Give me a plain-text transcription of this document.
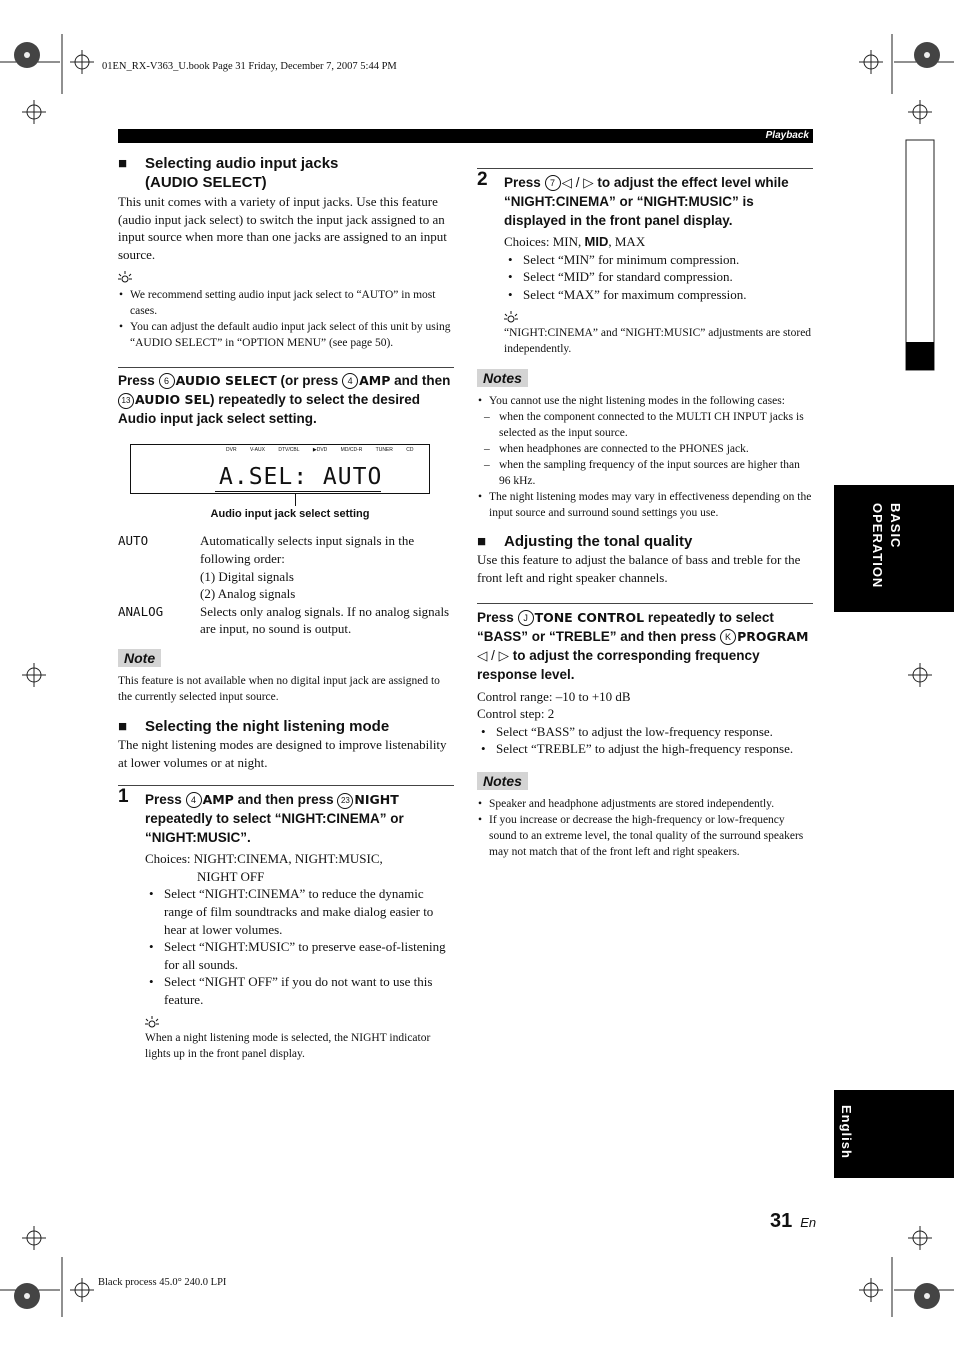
01EN_RX-V363_U.book Page 31 Friday, December 7, 2007 5:44 PM
Black process 45.0° 240.0 LPI
Playback
BASIC OPERATION
English
31 En
■ Selecting audio input jacks
(AUDIO SELECT)
This unit comes with a variety of input jacks. Use this feature (audio input jack select) to switch the input jack assigned to an input source when more than one jacks are assigned to an input source.
• We recommend setting audio input jack select to “AUTO” in most cases.
• You can adjust the default audio input jack select of this unit by using “AUDIO SELECT” in “OPTION MENU” (see page 50).
Press 6 AUDIO SELECT (or press 4 AMP and then 13 AUDIO SEL) repeatedly to select the desired Audio input jack select setting.
DVR	V-AUX	DTV/CBL	▶DVD	MD/CD-R	TUNER	CD
A.SEL: AUTO
Audio input jack select setting
AUTO	Automatically selects input signals in the following order:
(1) Digital signals
(2) Analog signals
ANALOG	Selects only analog signals. If no analog signals are input, no sound is output.
Note
This feature is not available when no digital input jack are assigned to the currently selected input source.
■ Selecting the night listening mode
The night listening modes are designed to improve listenability at lower volumes or at night.
1 Press 4 AMP and then press 23 NIGHT repeatedly to select “NIGHT:CINEMA” or “NIGHT:MUSIC”.
Choices: NIGHT:CINEMA, NIGHT:MUSIC,
NIGHT OFF
• Select “NIGHT:CINEMA” to reduce the dynamic range of film soundtracks and make dialog easier to hear at lower volumes.
• Select “NIGHT:MUSIC” to preserve ease-of-listening for all sounds.
• Select “NIGHT OFF” if you do not want to use this feature.
When a night listening mode is selected, the NIGHT indicator lights up in the front panel display.
2 Press 7 ◁ / ▷ to adjust the effect level while “NIGHT:CINEMA” or “NIGHT:MUSIC” is displayed in the front panel display.
Choices: MIN, MID, MAX
• Select “MIN” for minimum compression.
• Select “MID” for standard compression.
• Select “MAX” for maximum compression.
“NIGHT:CINEMA” and “NIGHT:MUSIC” adjustments are stored independently.
Notes
• You cannot use the night listening modes in the following cases:
– when the component connected to the MULTI CH INPUT jacks is selected as the input source.
– when headphones are connected to the PHONES jack.
– when the sampling frequency of the input sources are higher than 96 kHz.
• The night listening modes may vary in effectiveness depending on the input source and surround sound settings you use.
■ Adjusting the tonal quality
Use this feature to adjust the balance of bass and treble for the front left and right speaker channels.
Press J TONE CONTROL repeatedly to select “BASS” or “TREBLE” and then press K PROGRAM ◁ / ▷ to adjust the corresponding frequency response level.
Control range: –10 to +10 dB
Control step: 2
• Select “BASS” to adjust the low-frequency response.
• Select “TREBLE” to adjust the high-frequency response.
Notes
• Speaker and headphone adjustments are stored independently.
• If you increase or decrease the high-frequency or low-frequency sound to an extreme level, the tonal quality of the surround speakers may not match that of the front left and right speakers.
